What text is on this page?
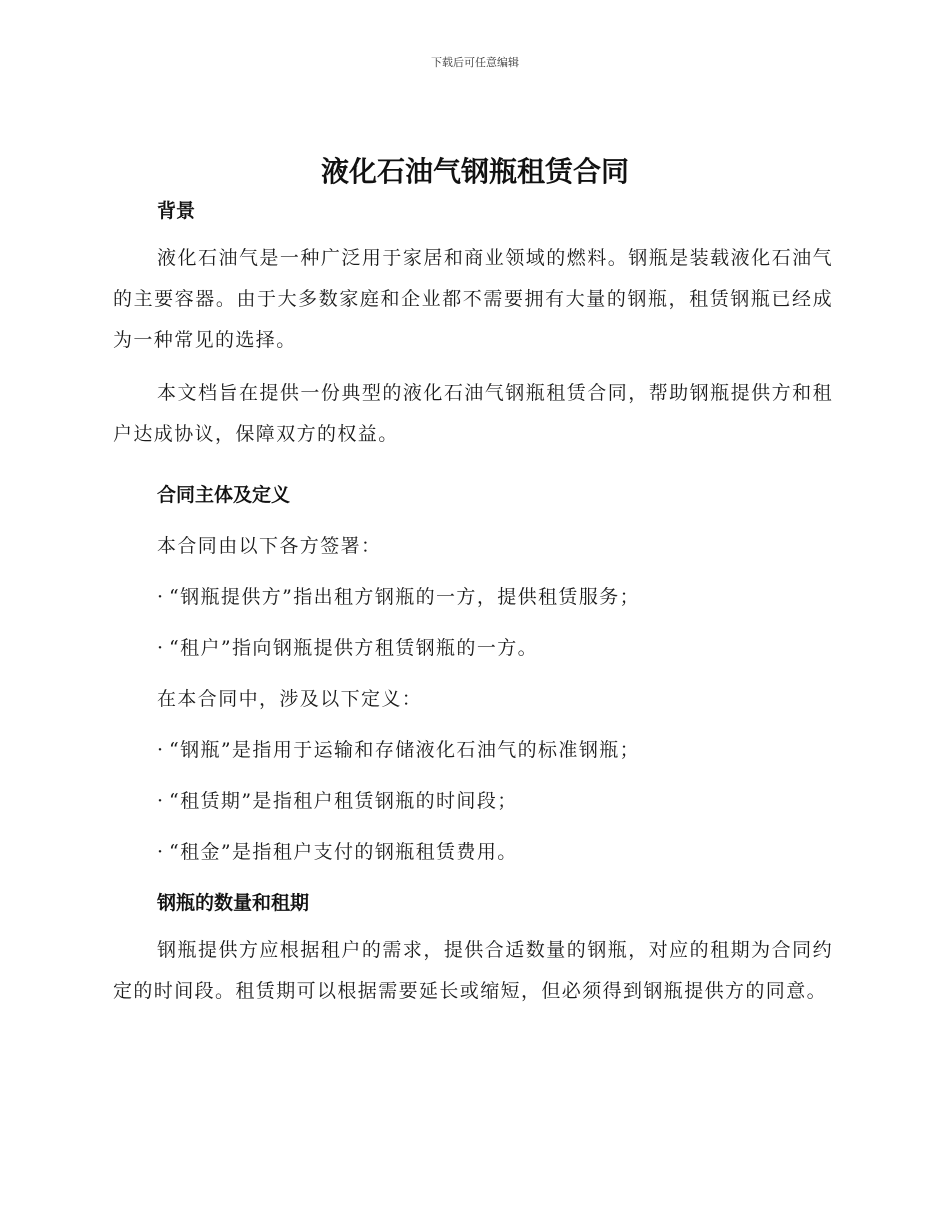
下载后可任意编辑
液化石油气钢瓶租赁合同
背景

液化石油气是一种广泛用于家居和商业领域的燃料。钢瓶是装载液化石油气的主要容器。由于大多数家庭和企业都不需要拥有大量的钢瓶，租赁钢瓶已经成为一种常见的选择。

本文档旨在提供一份典型的液化石油气钢瓶租赁合同，帮助钢瓶提供方和租户达成协议，保障双方的权益。

合同主体及定义

本合同由以下各方签署：

· “钢瓶提供方”指出租方钢瓶的一方，提供租赁服务；

· “租户”指向钢瓶提供方租赁钢瓶的一方。

在本合同中，涉及以下定义：

· “钢瓶”是指用于运输和存储液化石油气的标准钢瓶；

· “租赁期”是指租户租赁钢瓶的时间段；

· “租金”是指租户支付的钢瓶租赁费用。

钢瓶的数量和租期

钢瓶提供方应根据租户的需求，提供合适数量的钢瓶，对应的租期为合同约定的时间段。租赁期可以根据需要延长或缩短，但必须得到钢瓶提供方的同意。
